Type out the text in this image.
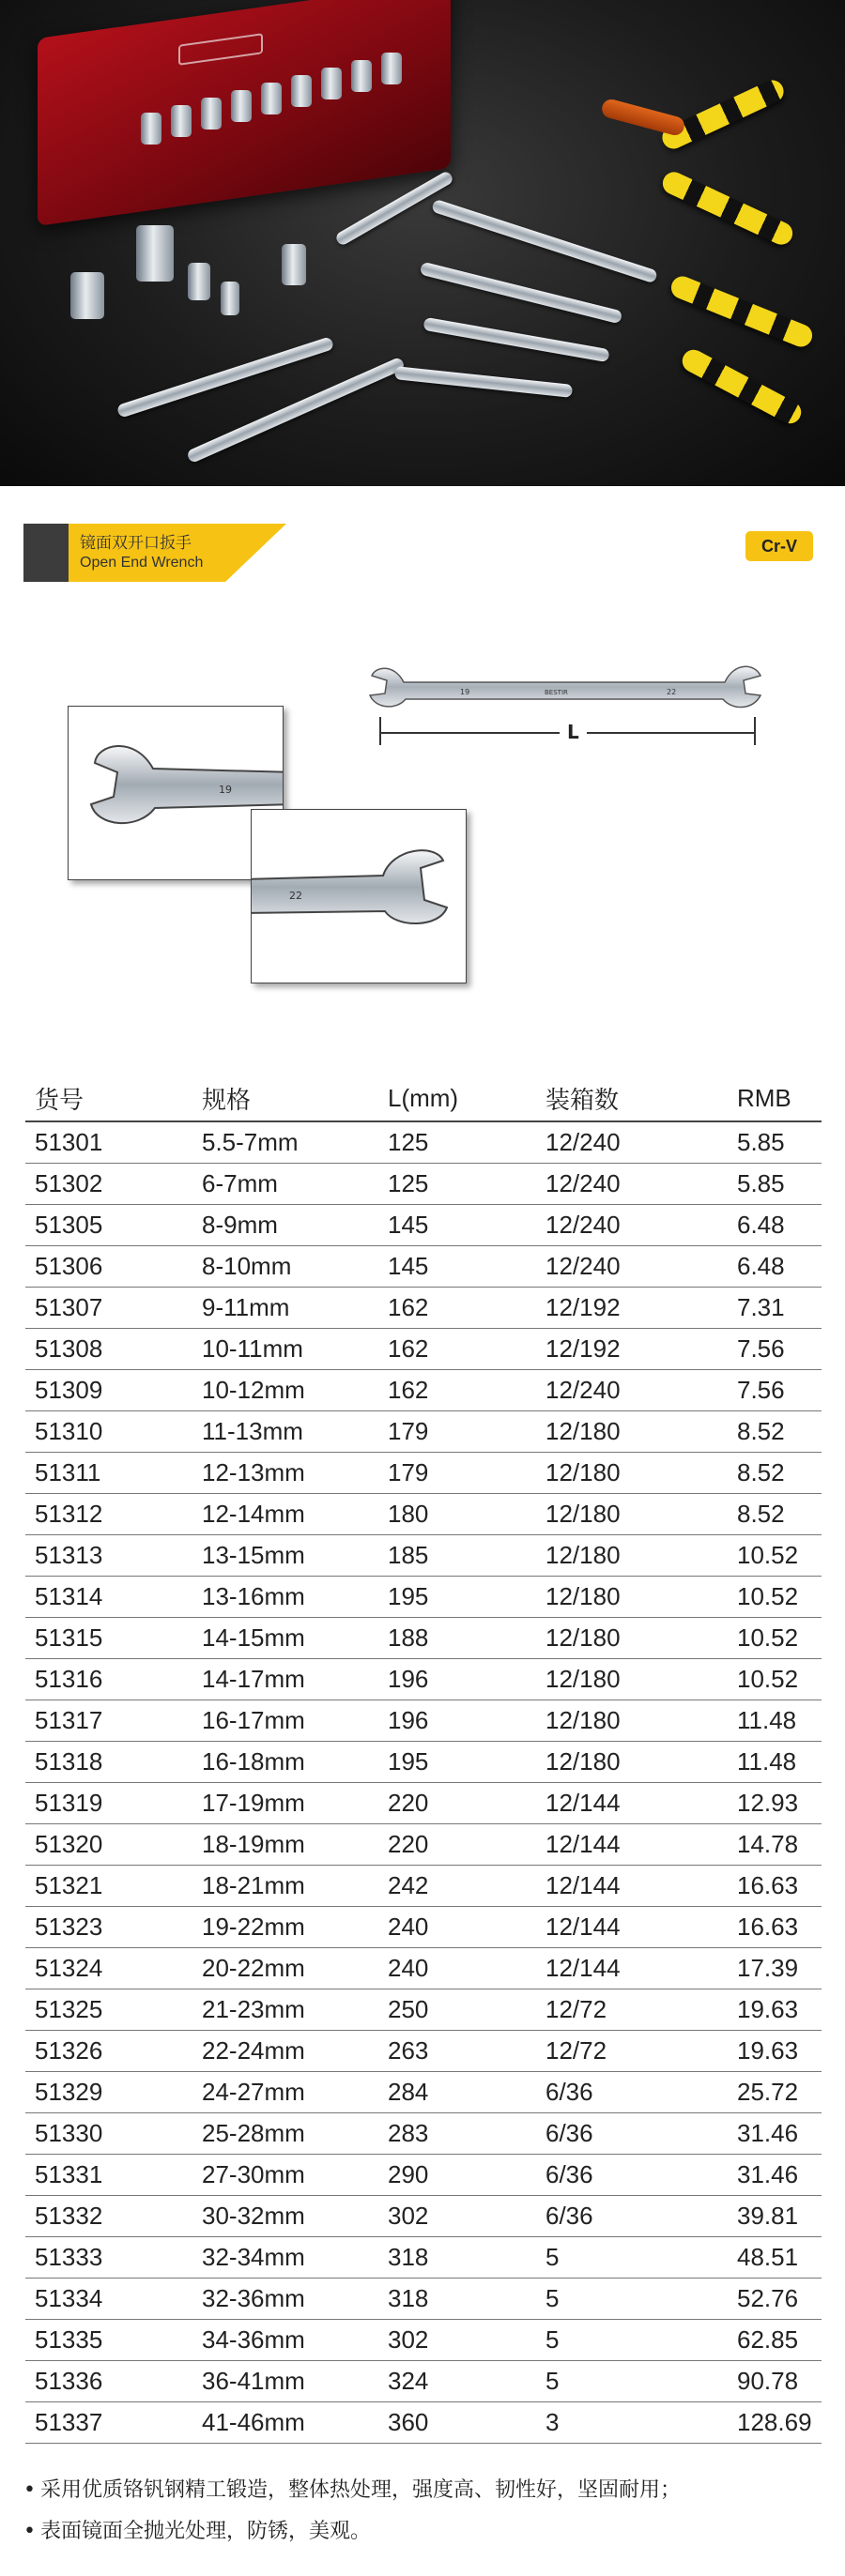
镜面双开口扳手
Open End Wrench
Cr-V
19	BESTIR	22
L
19
22
货号	规格	L(mm)	装箱数	RMB
51301	5.5-7mm	125	12/240	5.85
51302	6-7mm	125	12/240	5.85
51305	8-9mm	145	12/240	6.48
51306	8-10mm	145	12/240	6.48
51307	9-11mm	162	12/192	7.31
51308	10-11mm	162	12/192	7.56
51309	10-12mm	162	12/240	7.56
51310	11-13mm	179	12/180	8.52
51311	12-13mm	179	12/180	8.52
51312	12-14mm	180	12/180	8.52
51313	13-15mm	185	12/180	10.52
51314	13-16mm	195	12/180	10.52
51315	14-15mm	188	12/180	10.52
51316	14-17mm	196	12/180	10.52
51317	16-17mm	196	12/180	11.48
51318	16-18mm	195	12/180	11.48
51319	17-19mm	220	12/144	12.93
51320	18-19mm	220	12/144	14.78
51321	18-21mm	242	12/144	16.63
51323	19-22mm	240	12/144	16.63
51324	20-22mm	240	12/144	17.39
51325	21-23mm	250	12/72	19.63
51326	22-24mm	263	12/72	19.63
51329	24-27mm	284	6/36	25.72
51330	25-28mm	283	6/36	31.46
51331	27-30mm	290	6/36	31.46
51332	30-32mm	302	6/36	39.81
51333	32-34mm	318	5	48.51
51334	32-36mm	318	5	52.76
51335	34-36mm	302	5	62.85
51336	36-41mm	324	5	90.78
51337	41-46mm	360	3	128.69
• 采用优质铬钒钢精工锻造，整体热处理，强度高、韧性好，坚固耐用；
• 表面镜面全抛光处理，防锈，美观。
